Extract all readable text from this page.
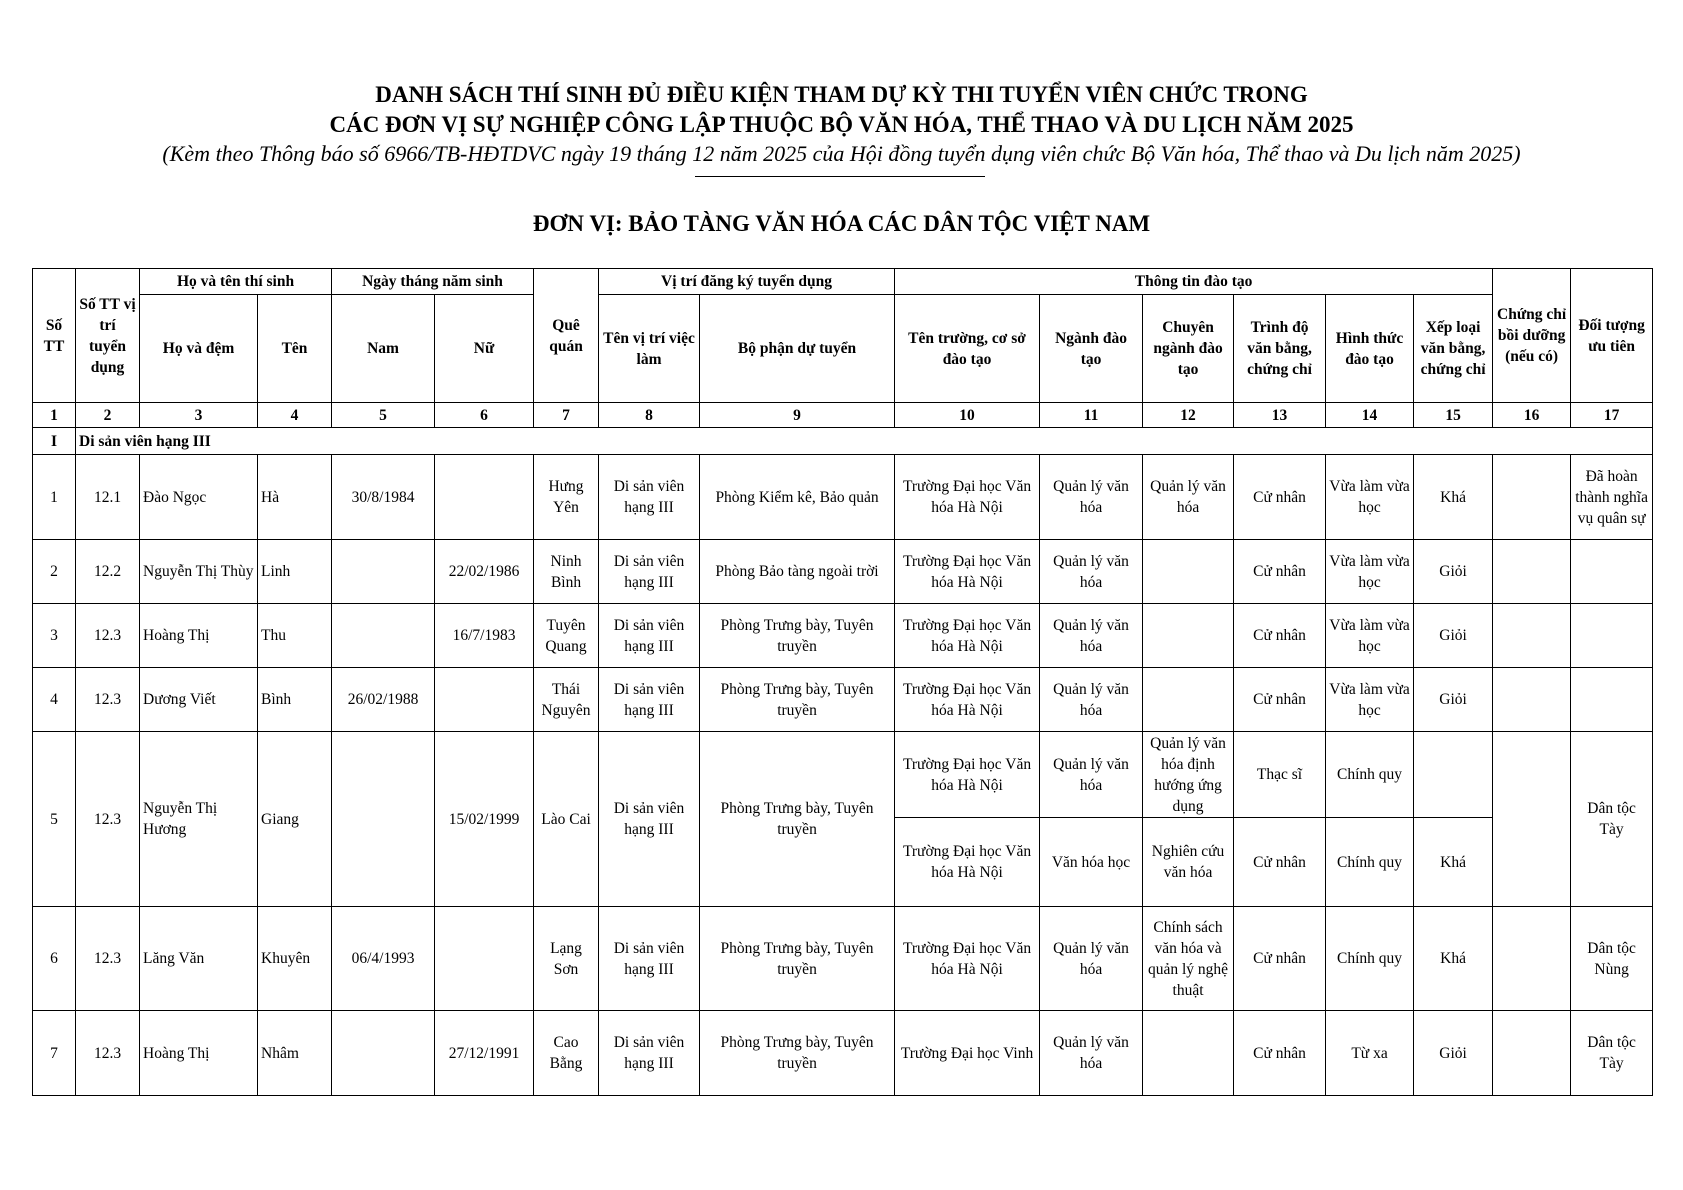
DANH SÁCH THÍ SINH ĐỦ ĐIỀU KIỆN THAM DỰ KỲ THI TUYỂN VIÊN CHỨC TRONG
CÁC ĐƠN VỊ SỰ NGHIỆP CÔNG LẬP THUỘC BỘ VĂN HÓA, THỂ THAO VÀ DU LỊCH NĂM 2025
(Kèm theo Thông báo số 6966/TB-HĐTDVC ngày 19 tháng 12 năm 2025 của Hội đồng tuyển dụng viên chức Bộ Văn hóa, Thể thao và Du lịch năm 2025)
ĐƠN VỊ: BẢO TÀNG VĂN HÓA CÁC DÂN TỘC VIỆT NAM
Số TT	Số TT vị trí tuyển dụng	Họ và tên thí sinh		Ngày tháng năm sinh		Quê quán	Vị trí đăng ký tuyển dụng		Thông tin đào tạo						Chứng chỉ bồi dưỡng (nếu có)	Đối tượng ưu tiên
		Họ và đệm	Tên	Nam	Nữ		Tên vị trí việc làm	Bộ phận dự tuyển	Tên trường, cơ sở đào tạo	Ngành đào tạo	Chuyên ngành đào tạo	Trình độ văn bằng, chứng chỉ	Hình thức đào tạo	Xếp loại văn bằng, chứng chỉ		
1	2	3	4	5	6	7	8	9	10	11	12	13	14	15	16	17
I	Di sản viên hạng III															
1	12.1	Đào Ngọc	Hà	30/8/1984		Hưng Yên	Di sản viên hạng III	Phòng Kiểm kê, Bảo quản	Trường Đại học Văn hóa Hà Nội	Quản lý văn hóa	Quản lý văn hóa	Cử nhân	Vừa làm vừa học	Khá		Đã hoàn thành nghĩa vụ quân sự
2	12.2	Nguyễn Thị Thùy	Linh		22/02/1986	Ninh Bình	Di sản viên hạng III	Phòng Bảo tàng ngoài trời	Trường Đại học Văn hóa Hà Nội	Quản lý văn hóa		Cử nhân	Vừa làm vừa học	Giỏi		
3	12.3	Hoàng Thị	Thu		16/7/1983	Tuyên Quang	Di sản viên hạng III	Phòng Trưng bày, Tuyên truyền	Trường Đại học Văn hóa Hà Nội	Quản lý văn hóa		Cử nhân	Vừa làm vừa học	Giỏi		
4	12.3	Dương Viết	Bình	26/02/1988		Thái Nguyên	Di sản viên hạng III	Phòng Trưng bày, Tuyên truyền	Trường Đại học Văn hóa Hà Nội	Quản lý văn hóa		Cử nhân	Vừa làm vừa học	Giỏi		
5	12.3	Nguyễn Thị Hương	Giang		15/02/1999	Lào Cai	Di sản viên hạng III	Phòng Trưng bày, Tuyên truyền	Trường Đại học Văn hóa Hà Nội	Quản lý văn hóa	Quản lý văn hóa định hướng ứng dụng	Thạc sĩ	Chính quy			Dân tộc Tày
									Trường Đại học Văn hóa Hà Nội	Văn hóa học	Nghiên cứu văn hóa	Cử nhân	Chính quy	Khá		
6	12.3	Lăng Văn	Khuyên	06/4/1993		Lạng Sơn	Di sản viên hạng III	Phòng Trưng bày, Tuyên truyền	Trường Đại học Văn hóa Hà Nội	Quản lý văn hóa	Chính sách văn hóa và quản lý nghệ thuật	Cử nhân	Chính quy	Khá		Dân tộc Nùng
7	12.3	Hoàng Thị	Nhâm		27/12/1991	Cao Bằng	Di sản viên hạng III	Phòng Trưng bày, Tuyên truyền	Trường Đại học Vinh	Quản lý văn hóa		Cử nhân	Từ xa	Giỏi		Dân tộc Tày
